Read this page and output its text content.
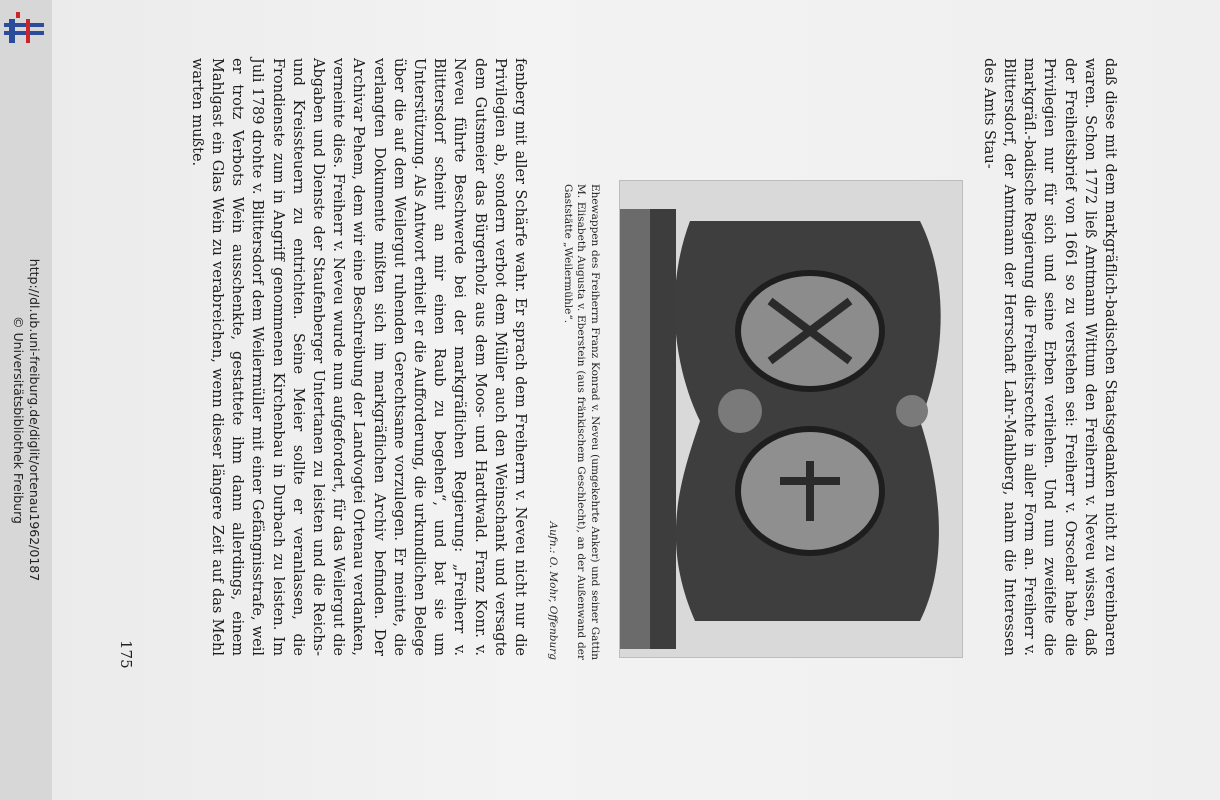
http://dl.ub.uni-freiburg.de/diglit/ortenau1962/0187
© Universitätsbibliothek Freiburg	daß diese mit dem markgräflich-badischen Staatsgedanken nicht zu vereinbaren waren. Schon 1772 ließ Amtmann Wittum den Freiherrn v. Neveu wissen, daß der Freiheitsbrief von 1661 so zu verstehen sei: Freiherr v. Orscelar habe die Privilegien nur für sich und seine Erben verliehen. Und nun zweifelte die markgräfl.-badische Regierung die Freiheitsrechte in aller Form an. Freiherr v. Blittersdorf, der Amtmann der Herrschaft Lahr-Mahlberg, nahm die Interessen des Amts Stau-

Ehewappen des Freiherrn Franz Konrad v. Neveu (umgekehrte Anker) und seiner Gattin M. Elisabeth Augusta v. Eberstein (aus fränkischem Geschlecht), an der Außenwand der Gaststätte „Weilermühle“.
Aufn.: O. Mohr, Offenburg

fenberg mit aller Schärfe wahr. Er sprach dem Freiherrn v. Neveu nicht nur die Privilegien ab, sondern verbot dem Müller auch den Weinschank und versagte dem Gutsmeier das Bürgerholz aus dem Moos- und Hardtwald. Franz Konr. v. Neveu führte Beschwerde bei der markgräflichen Regierung: „Freiherr v. Blittersdorf scheint an mir einen Raub zu begehen“, und bat sie um Unterstützung. Als Antwort erhielt er die Aufforderung, die urkundlichen Belege über die auf dem Weilergut ruhenden Gerechtsame vorzulegen. Er meinte, die verlangten Dokumente mißten sich im markgräflichen Archiv befinden. Der Archivar Pehem, dem wir eine Beschreibung der Landvogtei Ortenau verdanken, verneinte dies. Freiherr v. Neveu wurde nun aufgefordert, für das Weilergut die Abgaben und Dienste der Staufenberger Untertanen zu leisten und die Reichs- und Kreissteuern zu entrichten. Seine Meier sollte er veranlassen, die Frondienste zum in Angriff genommenen Kirchenbau in Durbach zu leisten. Im Juli 1789 drohte v. Blittersdorf dem Weilermüller mit einer Gefängnisstrafe, weil er trotz Verbots Wein ausschenkte, gestattete ihm dann allerdings, einem Mahlgast ein Glas Wein zu verabreichen, wenn dieser längere Zeit auf das Mehl warten mußte.

175
